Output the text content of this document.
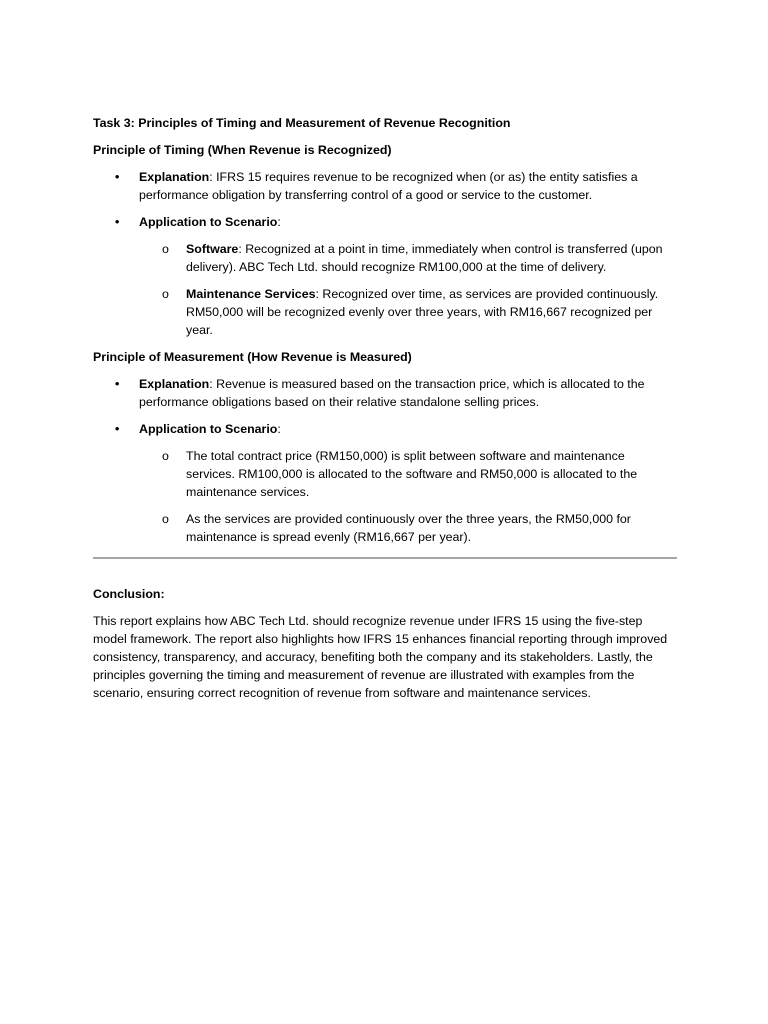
Task 3: Principles of Timing and Measurement of Revenue Recognition
Principle of Timing (When Revenue is Recognized)
• Explanation: IFRS 15 requires revenue to be recognized when (or as) the entity satisfies a performance obligation by transferring control of a good or service to the customer.
• Application to Scenario:
o Software: Recognized at a point in time, immediately when control is transferred (upon delivery). ABC Tech Ltd. should recognize RM100,000 at the time of delivery.
o Maintenance Services: Recognized over time, as services are provided continuously. RM50,000 will be recognized evenly over three years, with RM16,667 recognized per year.
Principle of Measurement (How Revenue is Measured)
• Explanation: Revenue is measured based on the transaction price, which is allocated to the performance obligations based on their relative standalone selling prices.
• Application to Scenario:
o The total contract price (RM150,000) is split between software and maintenance services. RM100,000 is allocated to the software and RM50,000 is allocated to the maintenance services.
o As the services are provided continuously over the three years, the RM50,000 for maintenance is spread evenly (RM16,667 per year).
Conclusion:

This report explains how ABC Tech Ltd. should recognize revenue under IFRS 15 using the five-step model framework. The report also highlights how IFRS 15 enhances financial reporting through improved consistency, transparency, and accuracy, benefiting both the company and its stakeholders. Lastly, the principles governing the timing and measurement of revenue are illustrated with examples from the scenario, ensuring correct recognition of revenue from software and maintenance services.
